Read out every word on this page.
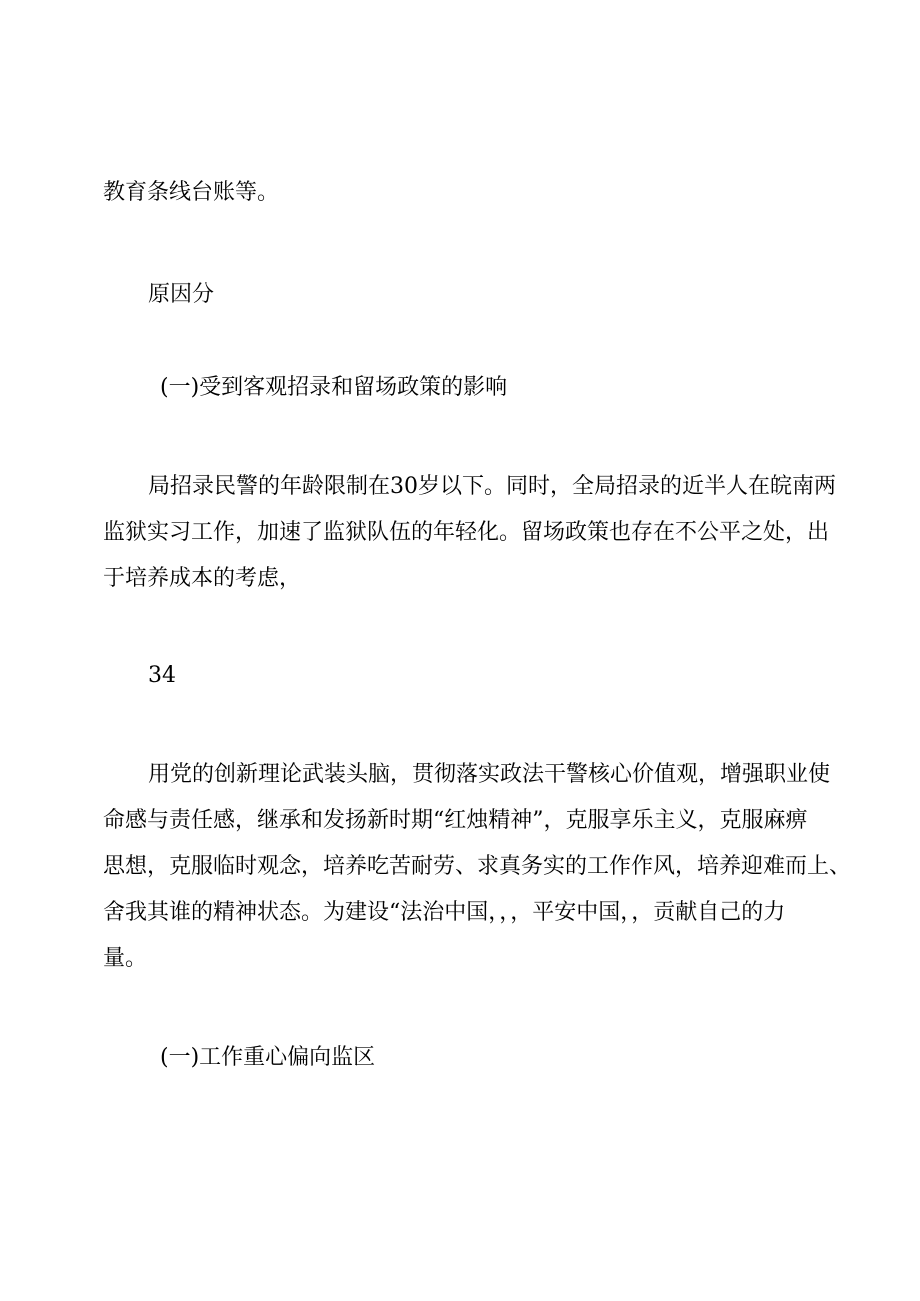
教育条线台账等。

原因分

(一)受到客观招录和留场政策的影响

局招录民警的年龄限制在30岁以下。同时，全局招录的近半人在皖南两
监狱实习工作，加速了监狱队伍的年轻化。留场政策也存在不公平之处，出
于培养成本的考虑，

34

用党的创新理论武装头脑，贯彻落实政法干警核心价值观，增强职业使
命感与责任感，继承和发扬新时期“红烛精神”，克服享乐主义，克服麻痹
思想，克服临时观念，培养吃苦耐劳、求真务实的工作作风，培养迎难而上、
舍我其谁的精神状态。为建设“法治中国，，，平安中国，，贡献自己的力
量。

(一)工作重心偏向监区
